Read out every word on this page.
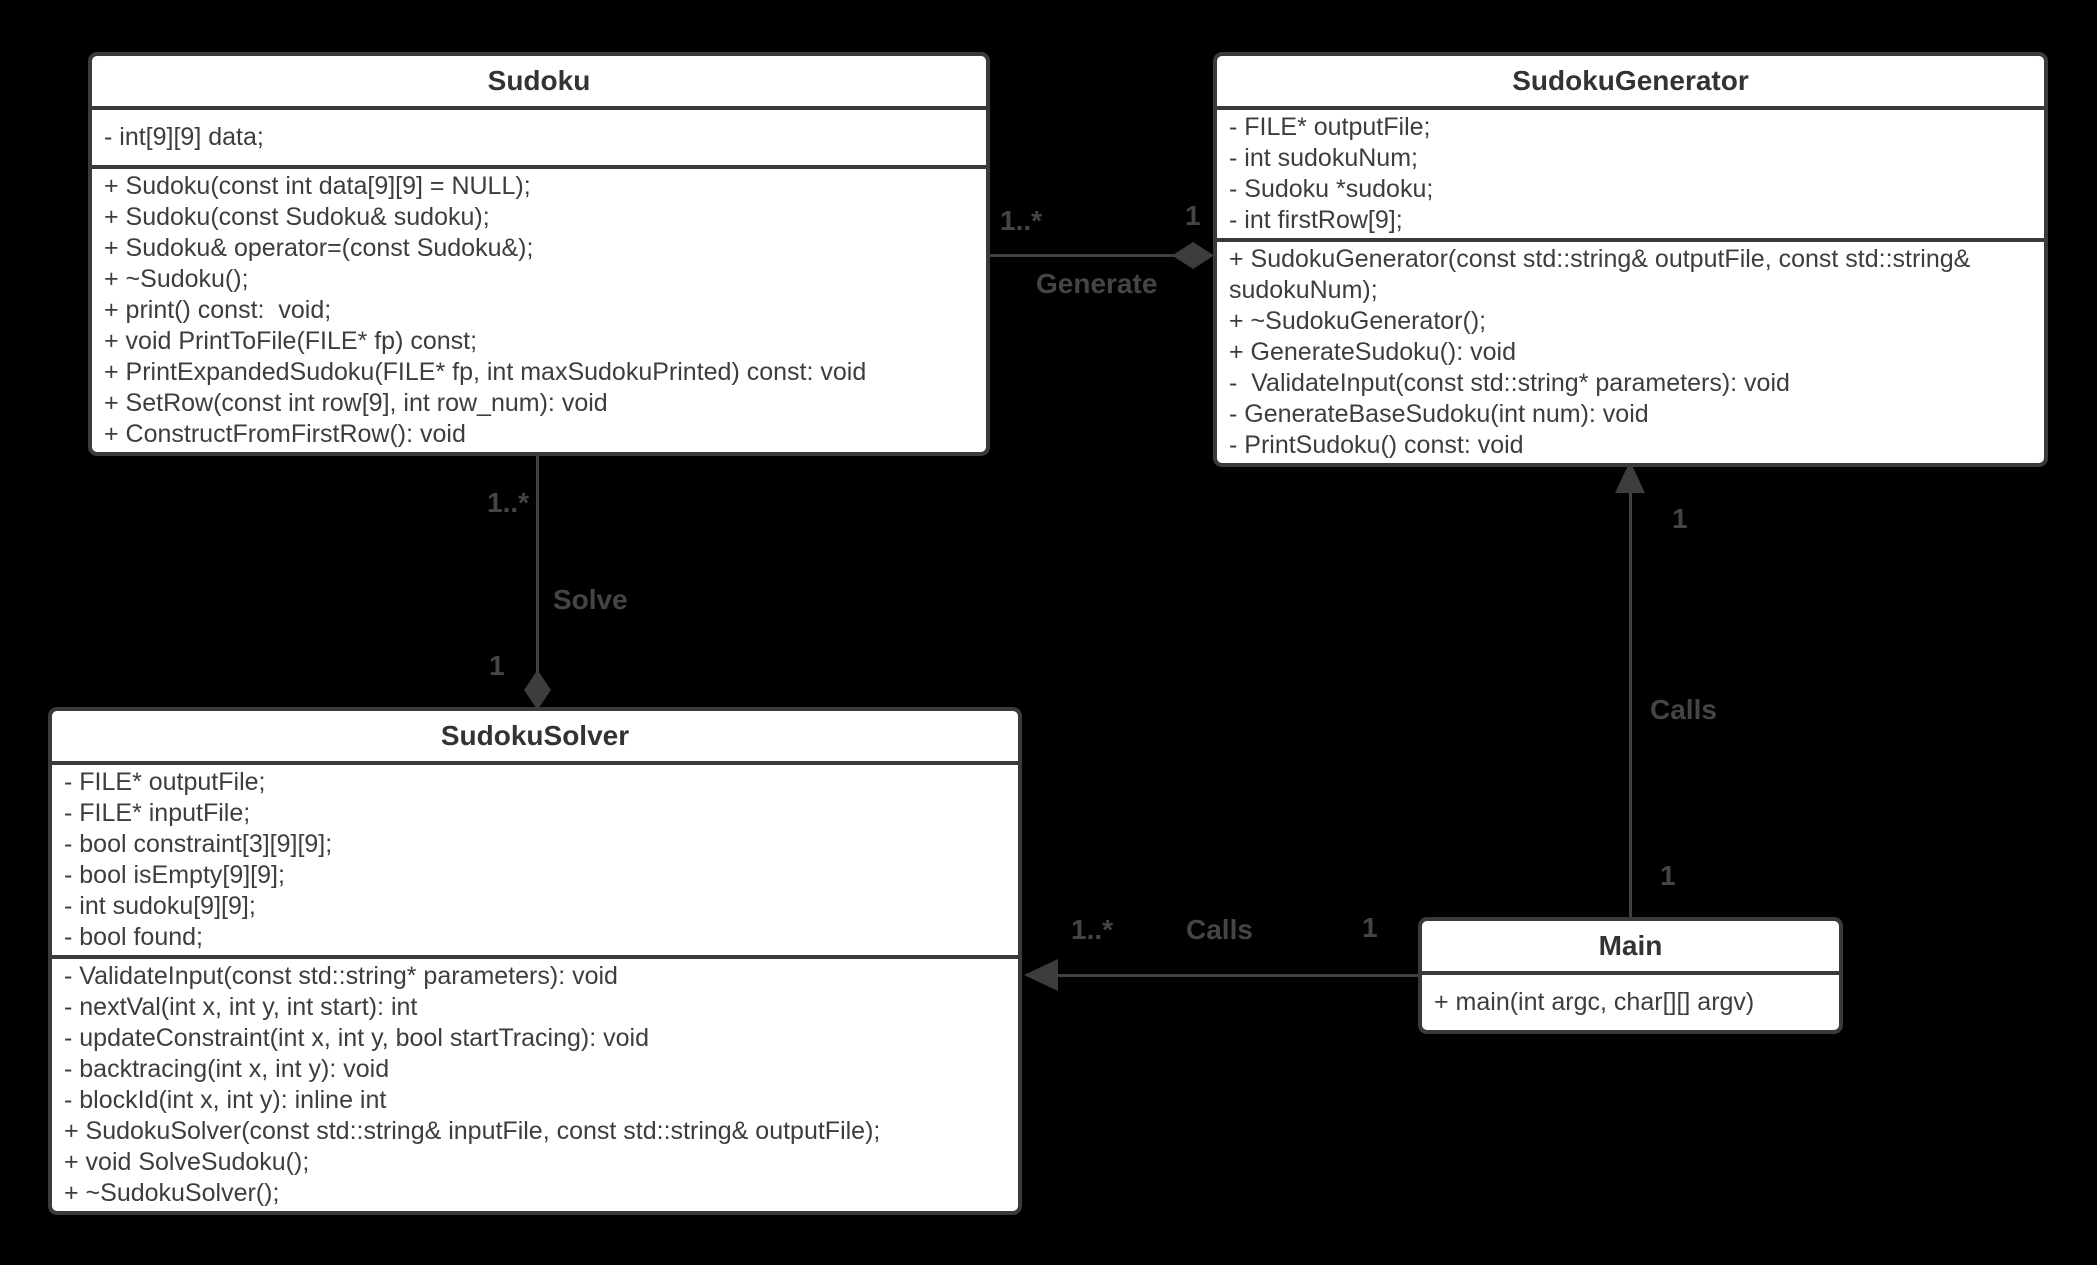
1..*	1
Generate
1..*
1
Solve
1
Calls
1
1..*	Calls	1
Sudoku
- int[9][9] data;
+ Sudoku(const int data[9][9] = NULL);
+ Sudoku(const Sudoku& sudoku);
+ Sudoku& operator=(const Sudoku&);
+ ~Sudoku();
+ print() const:  void;
+ void PrintToFile(FILE* fp) const;
+ PrintExpandedSudoku(FILE* fp, int maxSudokuPrinted) const: void
+ SetRow(const int row[9], int row_num): void
+ ConstructFromFirstRow(): void
SudokuGenerator
- FILE* outputFile;
- int sudokuNum;
- Sudoku *sudoku;
- int firstRow[9];
+ SudokuGenerator(const std::string& outputFile, const std::string& sudokuNum);
+ ~SudokuGenerator();
+ GenerateSudoku(): void
-  ValidateInput(const std::string* parameters): void
- GenerateBaseSudoku(int num): void
- PrintSudoku() const: void
SudokuSolver
- FILE* outputFile;
- FILE* inputFile;
- bool constraint[3][9][9];
- bool isEmpty[9][9];
- int sudoku[9][9];
- bool found;
- ValidateInput(const std::string* parameters): void
- nextVal(int x, int y, int start): int
- updateConstraint(int x, int y, bool startTracing): void
- backtracing(int x, int y): void
- blockId(int x, int y): inline int
+ SudokuSolver(const std::string& inputFile, const std::string& outputFile);
+ void SolveSudoku();
+ ~SudokuSolver();
Main
+ main(int argc, char[][] argv)
